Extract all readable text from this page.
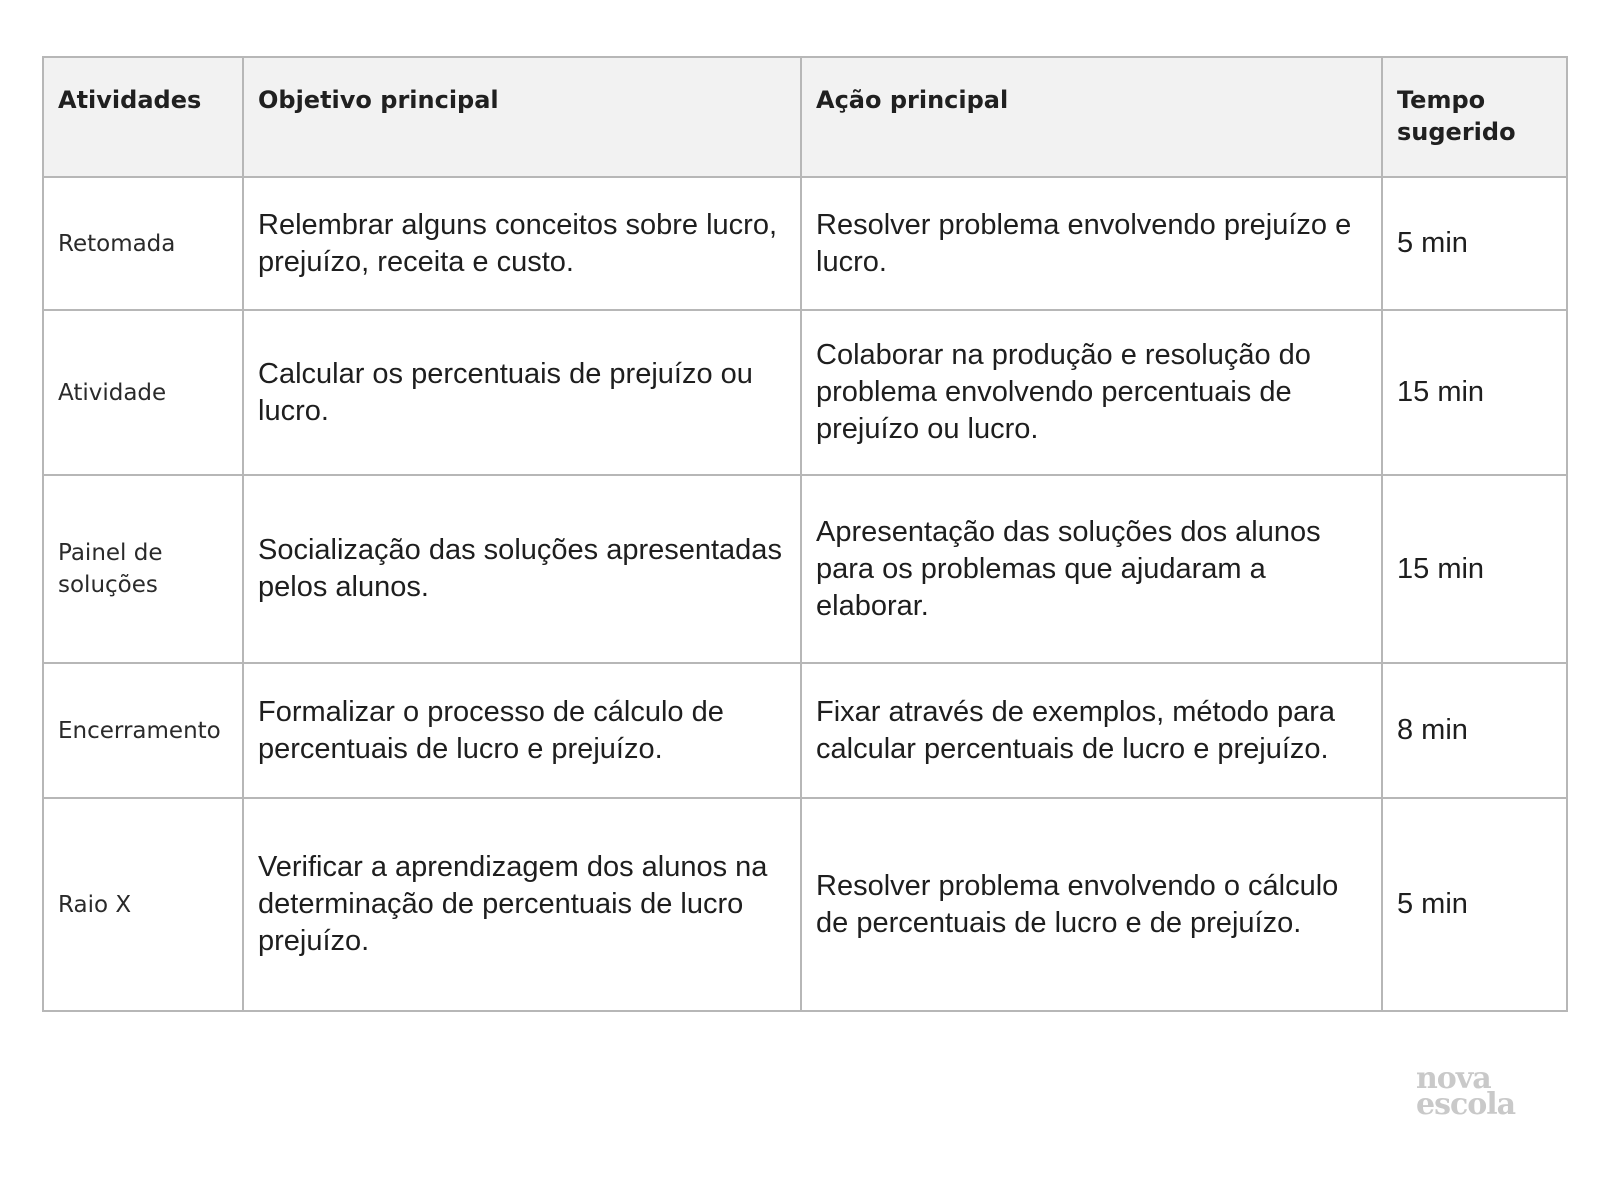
Atividades	Objetivo principal	Ação principal	Tempo sugerido
Retomada	Relembrar alguns conceitos sobre lucro, prejuízo, receita e custo.	Resolver problema envolvendo prejuízo e lucro.	5 min
Atividade	Calcular os percentuais de prejuízo ou lucro.	Colaborar na produção e resolução do problema envolvendo percentuais de prejuízo ou lucro.	15 min
Painel de soluções	Socialização das soluções apresentadas pelos alunos.	Apresentação das soluções dos alunos para os problemas que ajudaram a elaborar.	15 min
Encerramento	Formalizar o processo de cálculo de percentuais de lucro e prejuízo.	Fixar através de exemplos, método para calcular percentuais de lucro e prejuízo.	8 min
Raio X	Verificar a aprendizagem dos alunos na determinação de percentuais de lucro prejuízo.	Resolver problema envolvendo o cálculo de percentuais de lucro e de prejuízo.	5 min
nova
escola
